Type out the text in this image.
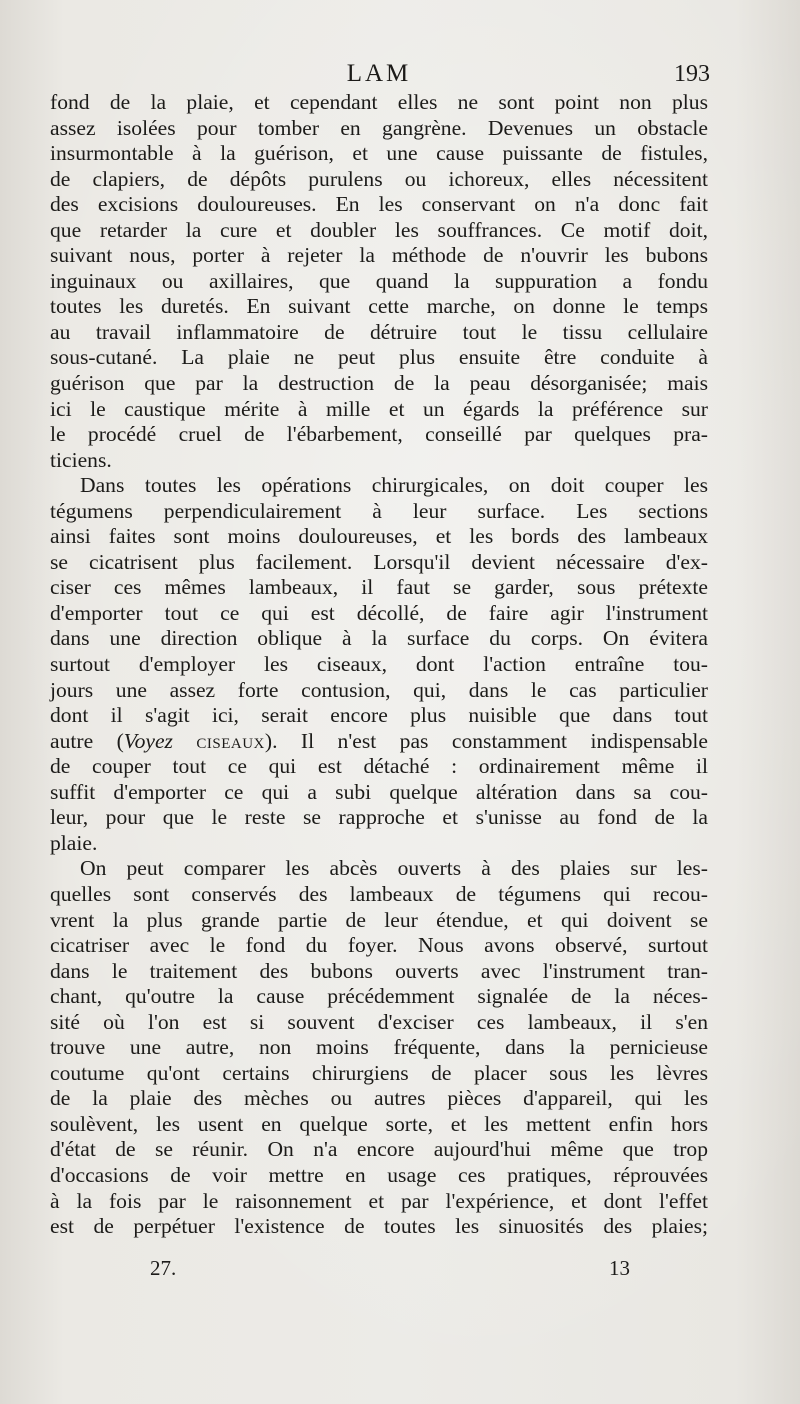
LAM	193
fond de la plaie, et cependant elles ne sont point non plus
assez isolées pour tomber en gangrène. Devenues un obstacle
insurmontable à la guérison, et une cause puissante de fistules,
de clapiers, de dépôts purulens ou ichoreux, elles nécessitent
des excisions douloureuses. En les conservant on n'a donc fait
que retarder la cure et doubler les souffrances. Ce motif doit,
suivant nous, porter à rejeter la méthode de n'ouvrir les bubons
inguinaux ou axillaires, que quand la suppuration a fondu
toutes les duretés. En suivant cette marche, on donne le temps
au travail inflammatoire de détruire tout le tissu cellulaire
sous-cutané. La plaie ne peut plus ensuite être conduite à
guérison que par la destruction de la peau désorganisée; mais
ici le caustique mérite à mille et un égards la préférence sur
le procédé cruel de l'ébarbement, conseillé par quelques pra-
ticiens.
Dans toutes les opérations chirurgicales, on doit couper les
tégumens perpendiculairement à leur surface. Les sections
ainsi faites sont moins douloureuses, et les bords des lambeaux
se cicatrisent plus facilement. Lorsqu'il devient nécessaire d'ex-
ciser ces mêmes lambeaux, il faut se garder, sous prétexte
d'emporter tout ce qui est décollé, de faire agir l'instrument
dans une direction oblique à la surface du corps. On évitera
surtout d'employer les ciseaux, dont l'action entraîne tou-
jours une assez forte contusion, qui, dans le cas particulier
dont il s'agit ici, serait encore plus nuisible que dans tout
autre (Voyez ciseaux). Il n'est pas constamment indispensable
de couper tout ce qui est détaché : ordinairement même il
suffit d'emporter ce qui a subi quelque altération dans sa cou-
leur, pour que le reste se rapproche et s'unisse au fond de la
plaie.
On peut comparer les abcès ouverts à des plaies sur les-
quelles sont conservés des lambeaux de tégumens qui recou-
vrent la plus grande partie de leur étendue, et qui doivent se
cicatriser avec le fond du foyer. Nous avons observé, surtout
dans le traitement des bubons ouverts avec l'instrument tran-
chant, qu'outre la cause précédemment signalée de la néces-
sité où l'on est si souvent d'exciser ces lambeaux, il s'en
trouve une autre, non moins fréquente, dans la pernicieuse
coutume qu'ont certains chirurgiens de placer sous les lèvres
de la plaie des mèches ou autres pièces d'appareil, qui les
soulèvent, les usent en quelque sorte, et les mettent enfin hors
d'état de se réunir. On n'a encore aujourd'hui même que trop
d'occasions de voir mettre en usage ces pratiques, réprouvées
à la fois par le raisonnement et par l'expérience, et dont l'effet
est de perpétuer l'existence de toutes les sinuosités des plaies;
27.	13
